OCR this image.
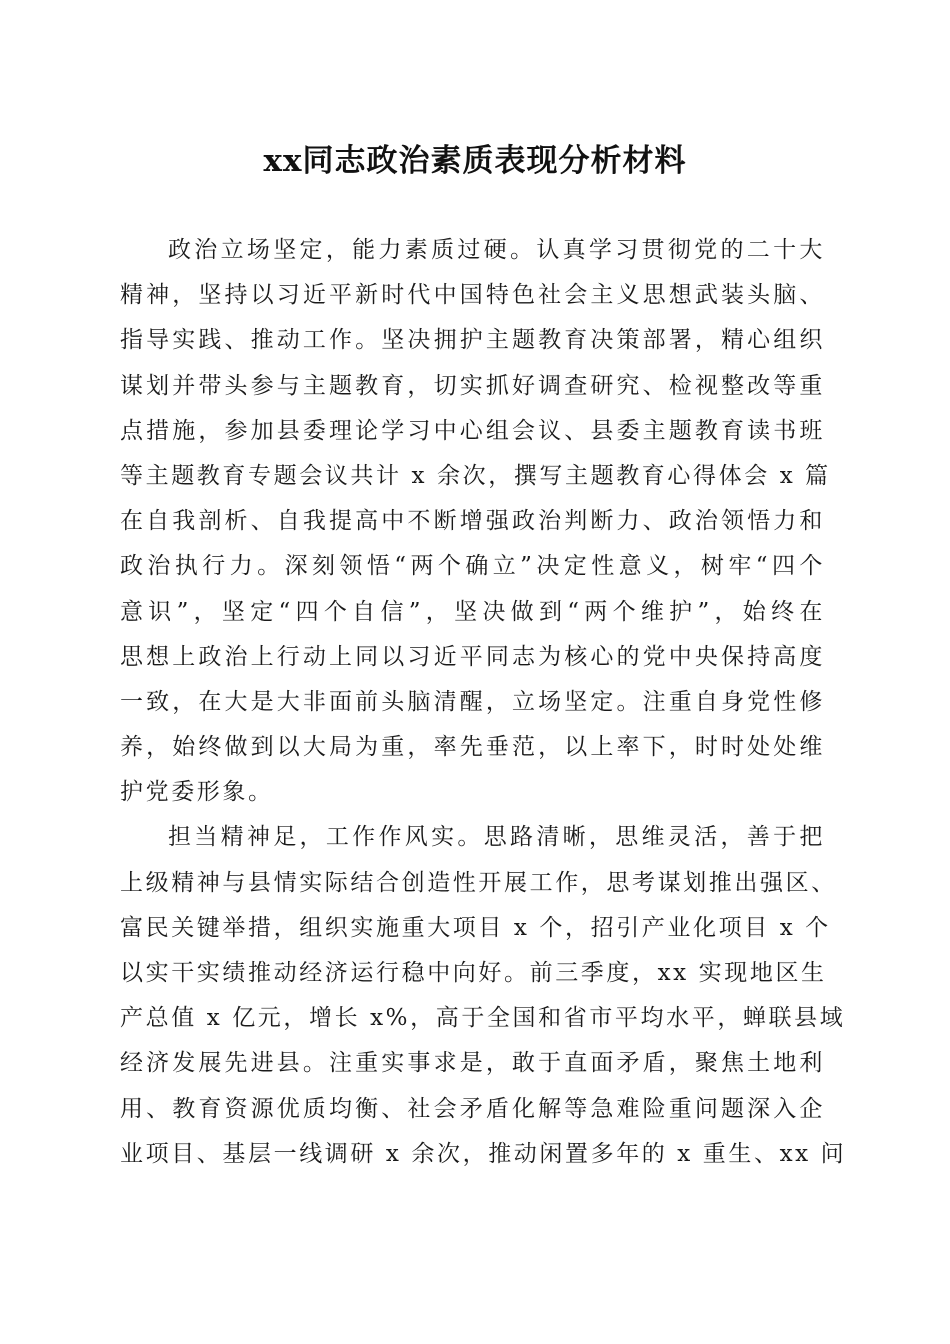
xx同志政治素质表现分析材料
政治立场坚定，能力素质过硬。认真学习贯彻党的二十大
精神，坚持以习近平新时代中国特色社会主义思想武装头脑、
指导实践、推动工作。坚决拥护主题教育决策部署，精心组织
谋划并带头参与主题教育，切实抓好调查研究、检视整改等重
点措施，参加县委理论学习中心组会议、县委主题教育读书班
等主题教育专题会议共计 x 余次，撰写主题教育心得体会 x 篇
在自我剖析、自我提高中不断增强政治判断力、政治领悟力和
政治执行力。深刻领悟“两个确立”决定性意义，树牢“四个
意识”，坚定“四个自信”，坚决做到“两个维护”，始终在
思想上政治上行动上同以习近平同志为核心的党中央保持高度
一致，在大是大非面前头脑清醒，立场坚定。注重自身党性修
养，始终做到以大局为重，率先垂范，以上率下，时时处处维
护党委形象。
担当精神足，工作作风实。思路清晰，思维灵活，善于把
上级精神与县情实际结合创造性开展工作，思考谋划推出强区、
富民关键举措，组织实施重大项目 x 个，招引产业化项目 x 个
以实干实绩推动经济运行稳中向好。前三季度，xx 实现地区生
产总值 x 亿元，增长 x%，高于全国和省市平均水平，蝉联县域
经济发展先进县。注重实事求是，敢于直面矛盾，聚焦土地利
用、教育资源优质均衡、社会矛盾化解等急难险重问题深入企
业项目、基层一线调研 x 余次，推动闲置多年的 x 重生、xx 问
